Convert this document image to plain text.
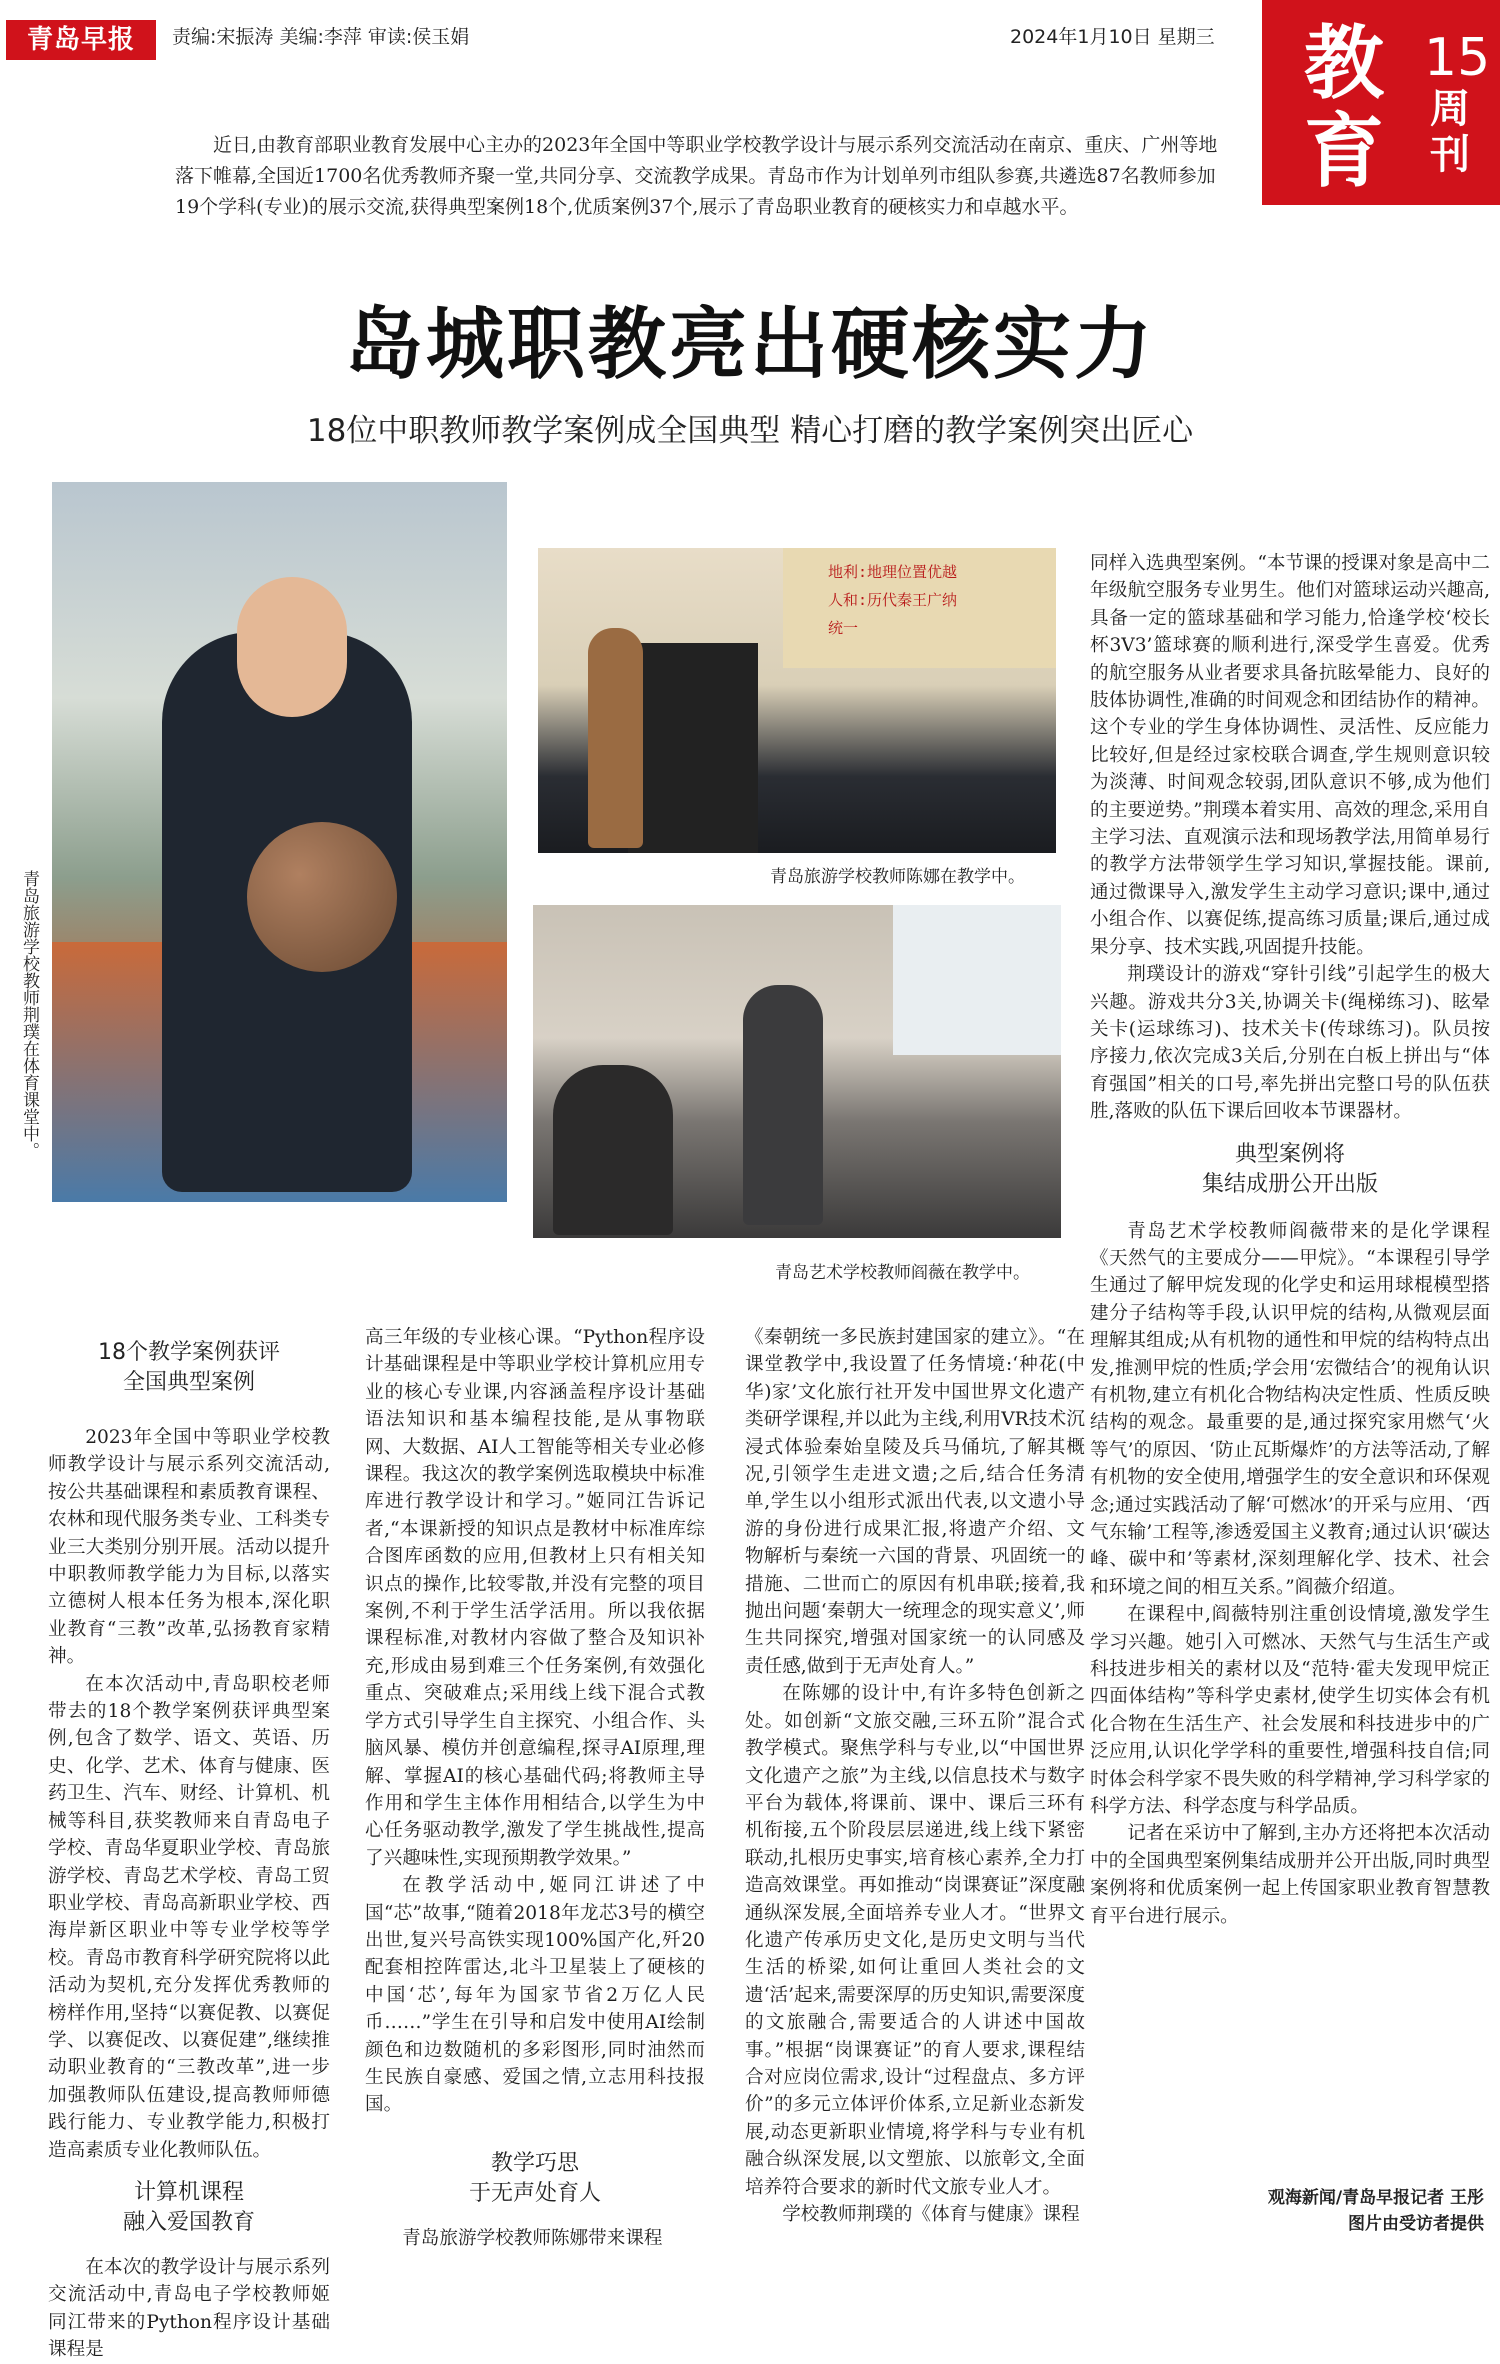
青岛早报	责编:宋振涛 美编:李萍 审读:侯玉娟	2024年1月10日 星期三 教育
15
周刊
近日,由教育部职业教育发展中心主办的2023年全国中等职业学校教学设计与展示系列交流活动在南京、重庆、广州等地落下帷幕,全国近1700名优秀教师齐聚一堂,共同分享、交流教学成果。青岛市作为计划单列市组队参赛,共遴选87名教师参加19个学科(专业)的展示交流,获得典型案例18个,优质案例37个,展示了青岛职业教育的硬核实力和卓越水平。
岛城职教亮出硬核实力
18位中职教师教学案例成全国典型 精心打磨的教学案例突出匠心
青岛旅游学校教师荆璞在体育课堂中。
地利:地理位置优越
人和:历代秦王广纳
统一
青岛旅游学校教师陈娜在教学中。
青岛艺术学校教师阎薇在教学中。

同样入选典型案例。“本节课的授课对象是高中二年级航空服务专业男生。他们对篮球运动兴趣高,具备一定的篮球基础和学习能力,恰逢学校‘校长杯3V3’篮球赛的顺利进行,深受学生喜爱。优秀的航空服务从业者要求具备抗眩晕能力、良好的肢体协调性,准确的时间观念和团结协作的精神。这个专业的学生身体协调性、灵活性、反应能力比较好,但是经过家校联合调查,学生规则意识较为淡薄、时间观念较弱,团队意识不够,成为他们的主要逆势。”荆璞本着实用、高效的理念,采用自主学习法、直观演示法和现场教学法,用简单易行的教学方法带领学生学习知识,掌握技能。课前,通过微课导入,激发学生主动学习意识;课中,通过小组合作、以赛促练,提高练习质量;课后,通过成果分享、技术实践,巩固提升技能。

荆璞设计的游戏“穿针引线”引起学生的极大兴趣。游戏共分3关,协调关卡(绳梯练习)、眩晕关卡(运球练习)、技术关卡(传球练习)。队员按序接力,依次完成3关后,分别在白板上拼出与“体育强国”相关的口号,率先拼出完整口号的队伍获胜,落败的队伍下课后回收本节课器材。

典型案例将
集结成册公开出版

青岛艺术学校教师阎薇带来的是化学课程《天然气的主要成分——甲烷》。“本课程引导学生通过了解甲烷发现的化学史和运用球棍模型搭建分子结构等手段,认识甲烷的结构,从微观层面理解其组成;从有机物的通性和甲烷的结构特点出发,推测甲烷的性质;学会用‘宏微结合’的视角认识有机物,建立有机化合物结构决定性质、性质反映结构的观念。最重要的是,通过探究家用燃气‘火等气’的原因、‘防止瓦斯爆炸’的方法等活动,了解有机物的安全使用,增强学生的安全意识和环保观念;通过实践活动了解‘可燃冰’的开采与应用、‘西气东输’工程等,渗透爱国主义教育;通过认识‘碳达峰、碳中和’等素材,深刻理解化学、技术、社会和环境之间的相互关系。”阎薇介绍道。

在课程中,阎薇特别注重创设情境,激发学生学习兴趣。她引入可燃冰、天然气与生活生产或科技进步相关的素材以及“范特·霍夫发现甲烷正四面体结构”等科学史素材,使学生切实体会有机化合物在生活生产、社会发展和科技进步中的广泛应用,认识化学学科的重要性,增强科技自信;同时体会科学家不畏失败的科学精神,学习科学家的科学方法、科学态度与科学品质。

记者在采访中了解到,主办方还将把本次活动中的全国典型案例集结成册并公开出版,同时典型案例将和优质案例一起上传国家职业教育智慧教育平台进行展示。

18个教学案例获评
全国典型案例

2023年全国中等职业学校教师教学设计与展示系列交流活动,按公共基础课程和素质教育课程、农林和现代服务类专业、工科类专业三大类别分别开展。活动以提升中职教师教学能力为目标,以落实立德树人根本任务为根本,深化职业教育“三教”改革,弘扬教育家精神。

在本次活动中,青岛职校老师带去的18个教学案例获评典型案例,包含了数学、语文、英语、历史、化学、艺术、体育与健康、医药卫生、汽车、财经、计算机、机械等科目,获奖教师来自青岛电子学校、青岛华夏职业学校、青岛旅游学校、青岛艺术学校、青岛工贸职业学校、青岛高新职业学校、西海岸新区职业中等专业学校等学校。青岛市教育科学研究院将以此活动为契机,充分发挥优秀教师的榜样作用,坚持“以赛促教、以赛促学、以赛促改、以赛促建”,继续推动职业教育的“三教改革”,进一步加强教师队伍建设,提高教师师德践行能力、专业教学能力,积极打造高素质专业化教师队伍。

计算机课程
融入爱国教育

在本次的教学设计与展示系列交流活动中,青岛电子学校教师姬同江带来的Python程序设计基础课程是

高三年级的专业核心课。“Python程序设计基础课程是中等职业学校计算机应用专业的核心专业课,内容涵盖程序设计基础语法知识和基本编程技能,是从事物联网、大数据、AI人工智能等相关专业必修课程。我这次的教学案例选取模块中标准库进行教学设计和学习。”姬同江告诉记者,“本课新授的知识点是教材中标准库综合图库函数的应用,但教材上只有相关知识点的操作,比较零散,并没有完整的项目案例,不利于学生活学活用。所以我依据课程标准,对教材内容做了整合及知识补充,形成由易到难三个任务案例,有效强化重点、突破难点;采用线上线下混合式教学方式引导学生自主探究、小组合作、头脑风暴、模仿并创意编程,探寻AI原理,理解、掌握AI的核心基础代码;将教师主导作用和学生主体作用相结合,以学生为中心任务驱动教学,激发了学生挑战性,提高了兴趣味性,实现预期教学效果。”

在教学活动中,姬同江讲述了中国“芯”故事,“随着2018年龙芯3号的横空出世,复兴号高铁实现100%国产化,歼20配套相控阵雷达,北斗卫星装上了硬核的中国‘芯’,每年为国家节省2万亿人民币……”学生在引导和启发中使用AI绘制颜色和边数随机的多彩图形,同时油然而生民族自豪感、爱国之情,立志用科技报国。

教学巧思
于无声处育人

青岛旅游学校教师陈娜带来课程

《秦朝统一多民族封建国家的建立》。“在课堂教学中,我设置了任务情境:‘种花(中华)家’文化旅行社开发中国世界文化遗产类研学课程,并以此为主线,利用VR技术沉浸式体验秦始皇陵及兵马俑坑,了解其概况,引领学生走进文遗;之后,结合任务清单,学生以小组形式派出代表,以文遗小导游的身份进行成果汇报,将遗产介绍、文物解析与秦统一六国的背景、巩固统一的措施、二世而亡的原因有机串联;接着,我抛出问题‘秦朝大一统理念的现实意义’,师生共同探究,增强对国家统一的认同感及责任感,做到于无声处育人。”

在陈娜的设计中,有许多特色创新之处。如创新“文旅交融,三环五阶”混合式教学模式。聚焦学科与专业,以“中国世界文化遗产之旅”为主线,以信息技术与数字平台为载体,将课前、课中、课后三环有机衔接,五个阶段层层递进,线上线下紧密联动,扎根历史事实,培育核心素养,全力打造高效课堂。再如推动“岗课赛证”深度融通纵深发展,全面培养专业人才。“世界文化遗产传承历史文化,是历史文明与当代生活的桥梁,如何让重回人类社会的文遗‘活’起来,需要深厚的历史知识,需要深度的文旅融合,需要适合的人讲述中国故事。”根据“岗课赛证”的育人要求,课程结合对应岗位需求,设计“过程盘点、多方评价”的多元立体评价体系,立足新业态新发展,动态更新职业情境,将学科与专业有机融合纵深发展,以文塑旅、以旅彰文,全面培养符合要求的新时代文旅专业人才。

学校教师荆璞的《体育与健康》课程

观海新闻/青岛早报记者 王彤
图片由受访者提供
